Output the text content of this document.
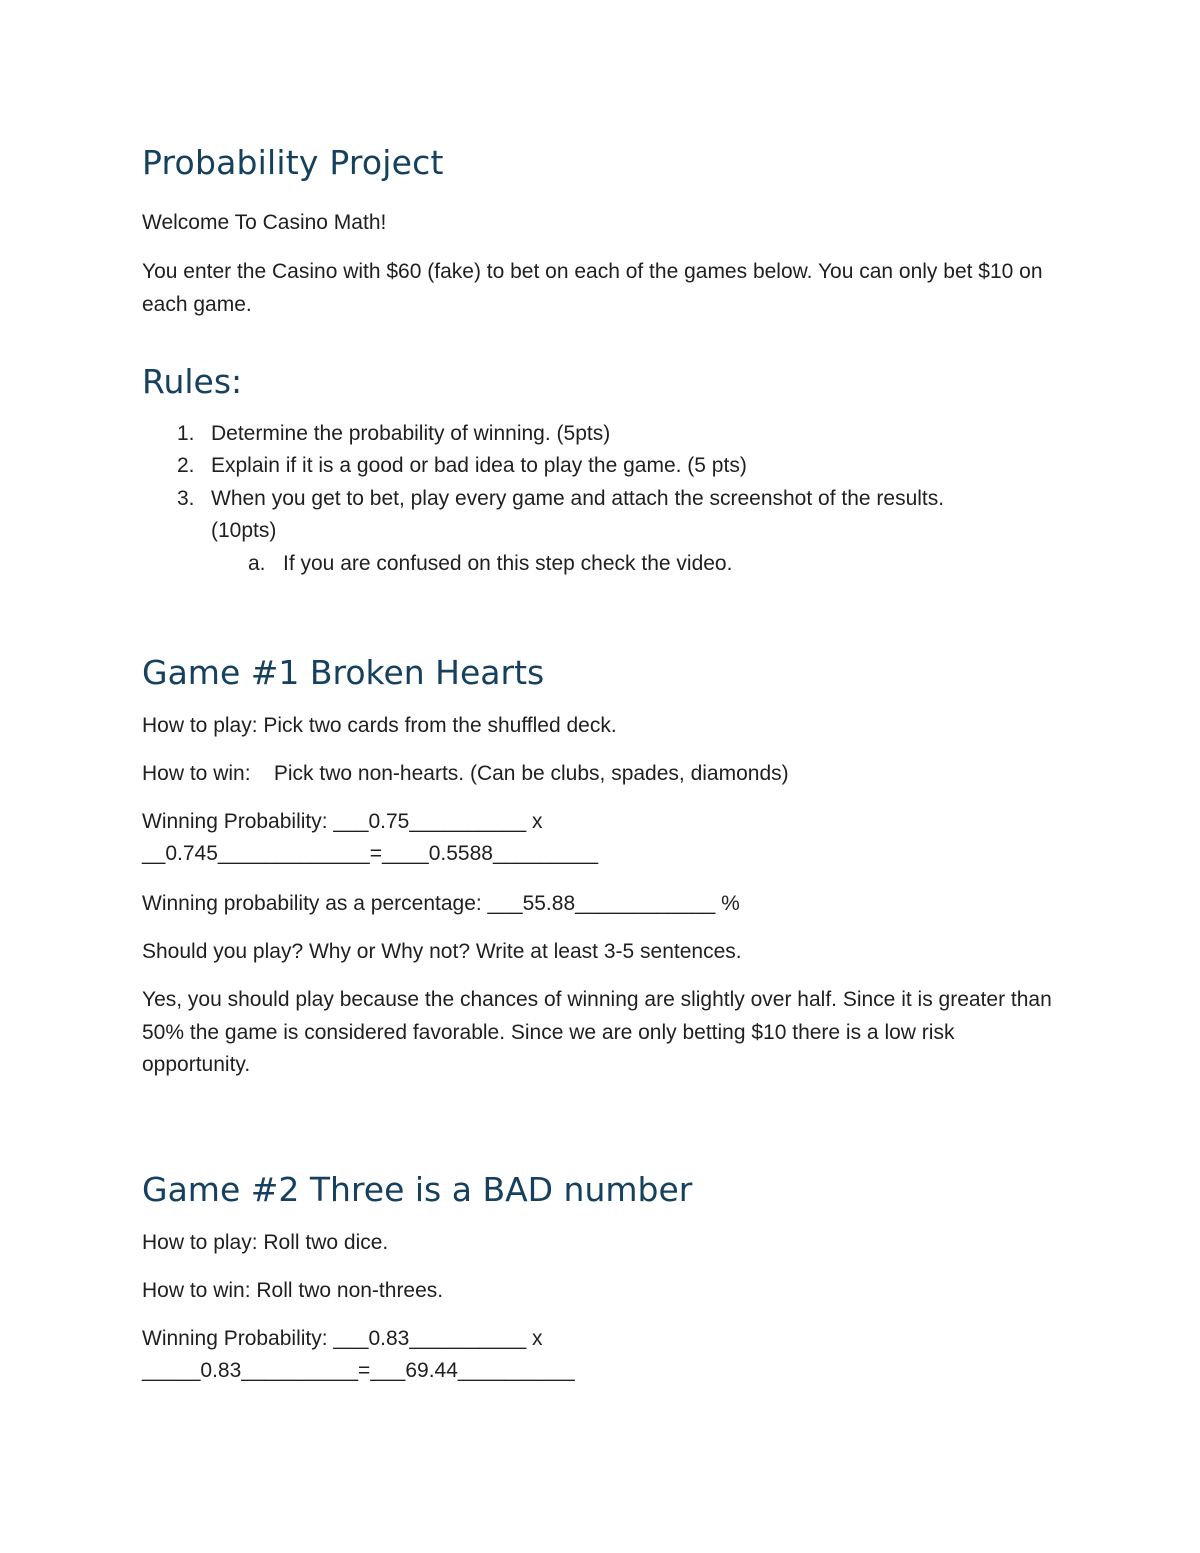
Probability Project

Welcome To Casino Math!

You enter the Casino with $60 (fake) to bet on each of the games below. You can only bet $10 on each game.

Rules:
1. Determine the probability of winning. (5pts)
2. Explain if it is a good or bad idea to play the game. (5 pts)
3. When you get to bet, play every game and attach the screenshot of the results.
(10pts)
a. If you are confused on this step check the video.
Game #1 Broken Hearts

How to play: Pick two cards from the shuffled deck.

How to win:    Pick two non-hearts. (Can be clubs, spades, diamonds)

Winning Probability: ___0.75__________ x

__0.745_____________=____0.5588_________

Winning probability as a percentage: ___55.88____________ %

Should you play? Why or Why not? Write at least 3-5 sentences.

Yes, you should play because the chances of winning are slightly over half. Since it is greater than 50% the game is considered favorable. Since we are only betting $10 there is a low risk opportunity.

Game #2 Three is a BAD number

How to play: Roll two dice.

How to win: Roll two non-threes.

Winning Probability: ___0.83__________ x

_____0.83__________=___69.44__________
